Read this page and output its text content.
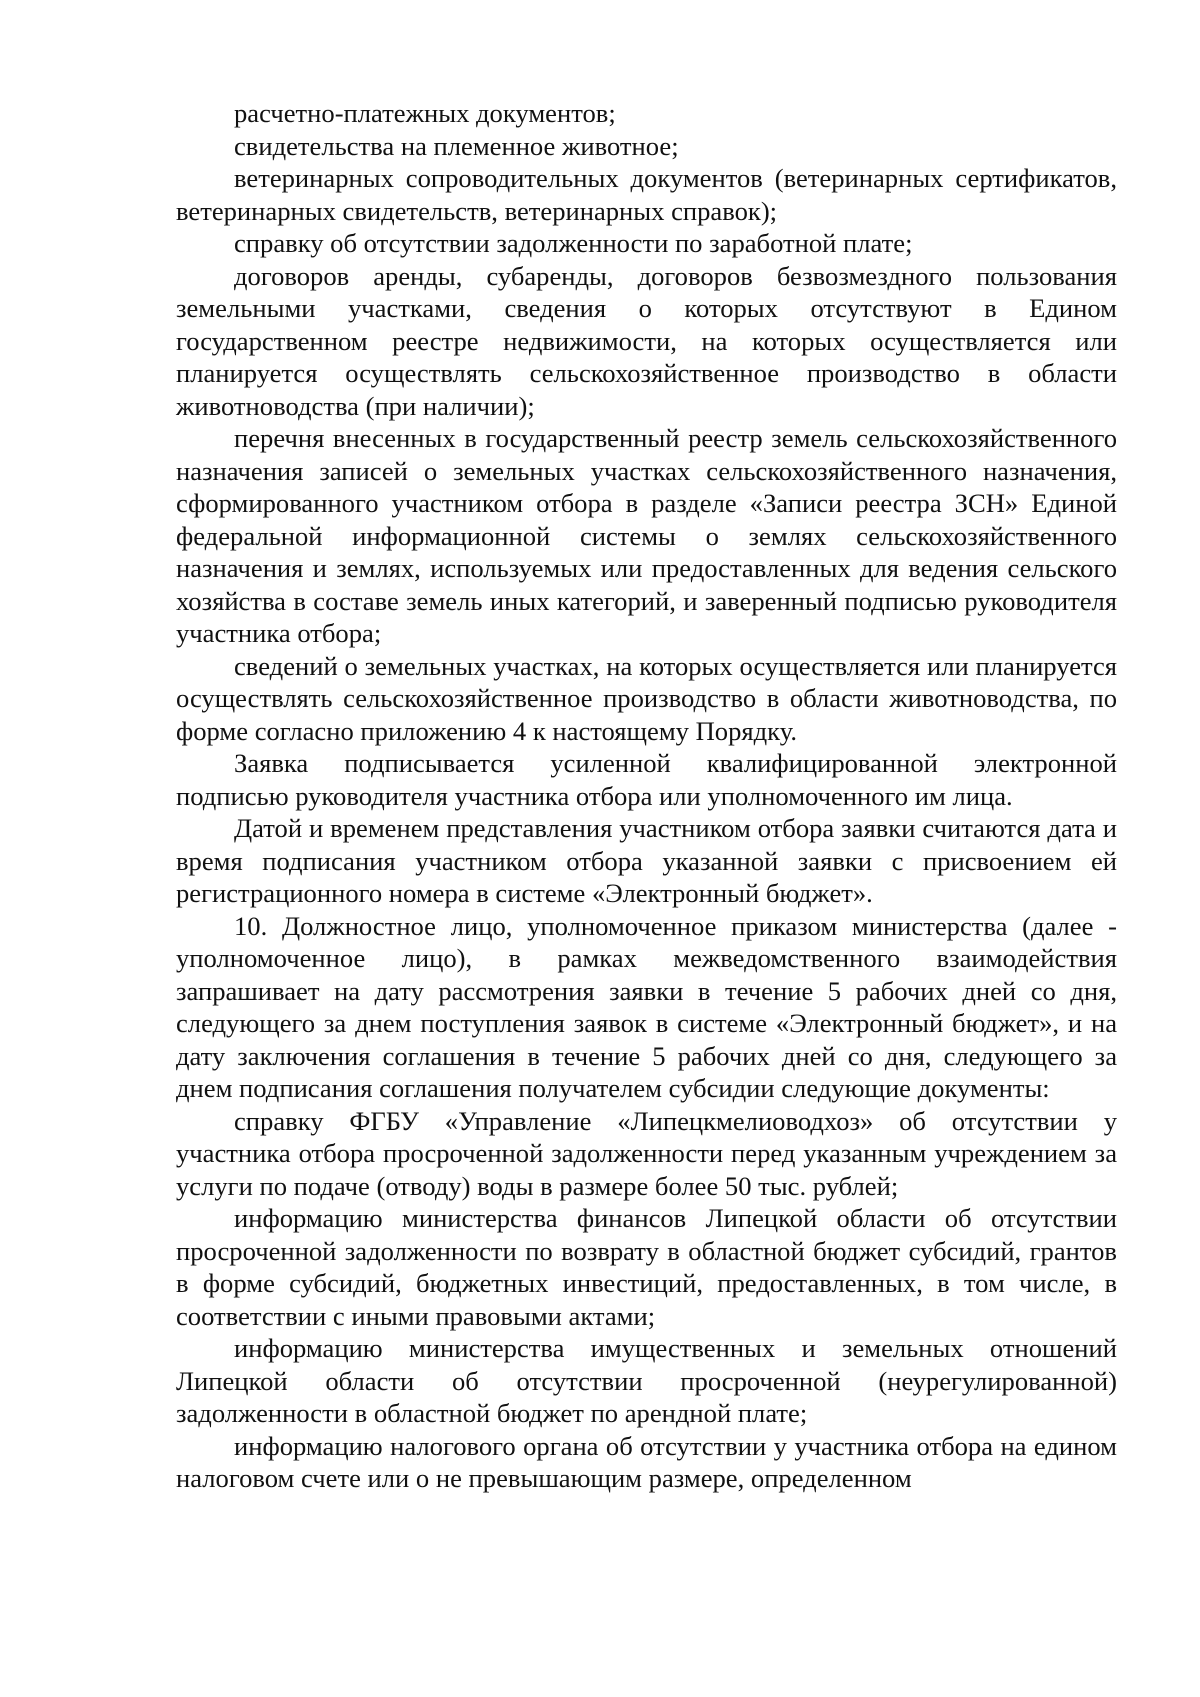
расчетно-платежных документов;

свидетельства на племенное животное;

ветеринарных сопроводительных документов (ветеринарных сертификатов, ветеринарных свидетельств, ветеринарных справок);

справку об отсутствии задолженности по заработной плате;

договоров аренды, субаренды, договоров безвозмездного пользования земельными участками, сведения о которых отсутствуют в Едином государственном реестре недвижимости, на которых осуществляется или планируется осуществлять сельскохозяйственное производство в области животноводства (при наличии);

перечня внесенных в государственный реестр земель сельскохозяйственного назначения записей о земельных участках сельскохозяйственного назначения, сформированного участником отбора в разделе «Записи реестра ЗСН» Единой федеральной информационной системы о землях сельскохозяйственного назначения и землях, используемых или предоставленных для ведения сельского хозяйства в составе земель иных категорий, и заверенный подписью руководителя участника отбора;

сведений о земельных участках, на которых осуществляется или планируется осуществлять сельскохозяйственное производство в области животноводства, по форме согласно приложению 4 к настоящему Порядку.

Заявка подписывается усиленной квалифицированной электронной подписью руководителя участника отбора или уполномоченного им лица.

Датой и временем представления участником отбора заявки считаются дата и время подписания участником отбора указанной заявки с присвоением ей регистрационного номера в системе «Электронный бюджет».

10. Должностное лицо, уполномоченное приказом министерства (далее - уполномоченное лицо), в рамках межведомственного взаимодействия запрашивает на дату рассмотрения заявки в течение 5 рабочих дней со дня, следующего за днем поступления заявок в системе «Электронный бюджет», и на дату заключения соглашения в течение 5 рабочих дней со дня, следующего за днем подписания соглашения получателем субсидии следующие документы:

справку ФГБУ «Управление «Липецкмелиоводхоз» об отсутствии у участника отбора просроченной задолженности перед указанным учреждением за услуги по подаче (отводу) воды в размере более 50 тыс. рублей;

информацию министерства финансов Липецкой области об отсутствии просроченной задолженности по возврату в областной бюджет субсидий, грантов в форме субсидий, бюджетных инвестиций, предоставленных, в том числе, в соответствии с иными правовыми актами;

информацию министерства имущественных и земельных отношений Липецкой области об отсутствии просроченной (неурегулированной) задолженности в областной бюджет по арендной плате;

информацию налогового органа об отсутствии у участника отбора на едином налоговом счете или о не превышающим размере, определенном
